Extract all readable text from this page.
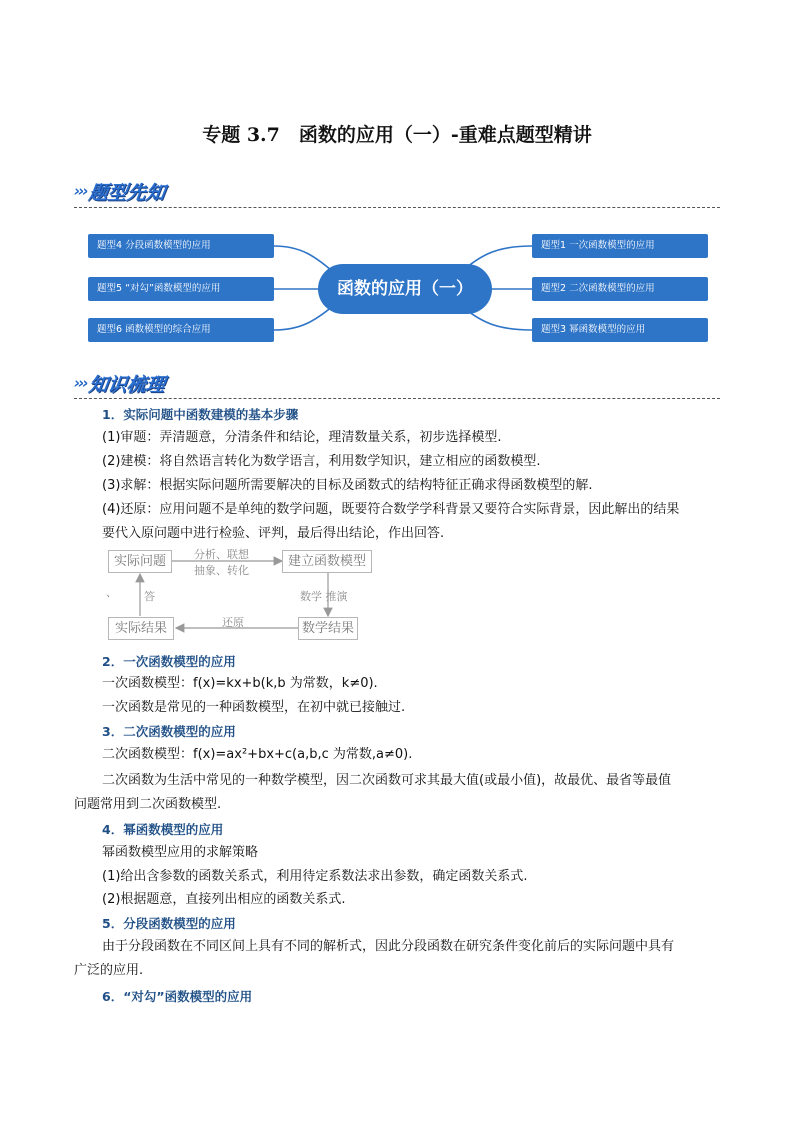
专题 3.7　函数的应用（一）-重难点题型精讲
››› 题型先知
题型4 分段函数模型的应用
题型5 “对勾”函数模型的应用
题型6 函数模型的综合应用
函数的应用（一）
题型1 一次函数模型的应用
题型2 二次函数模型的应用
题型3 幂函数模型的应用
››› 知识梳理
1．实际问题中函数建模的基本步骤
(1)审题：弄清题意，分清条件和结论，理清数量关系，初步选择模型.
(2)建模：将自然语言转化为数学语言，利用数学知识，建立相应的函数模型.
(3)求解：根据实际问题所需要解决的目标及函数式的结构特征正确求得函数模型的解.
(4)还原：应用问题不是单纯的数学问题，既要符合数学学科背景又要符合实际背景，因此解出的结果
要代入原问题中进行检验、评判，最后得出结论，作出回答.
实际问题	建立函数模型
实际结果	数学结果
分析、联想
抽象、转化
数学 推演
还原
答
、
2．一次函数模型的应用
一次函数模型：f(x)=kx+b(k,b 为常数，k≠0).
一次函数是常见的一种函数模型，在初中就已接触过.
3．二次函数模型的应用
二次函数模型：f(x)=ax²+bx+c(a,b,c 为常数,a≠0).
二次函数为生活中常见的一种数学模型，因二次函数可求其最大值(或最小值)，故最优、最省等最值
问题常用到二次函数模型.
4．幂函数模型的应用
幂函数模型应用的求解策略
(1)给出含参数的函数关系式，利用待定系数法求出参数，确定函数关系式.
(2)根据题意，直接列出相应的函数关系式.
5．分段函数模型的应用
由于分段函数在不同区间上具有不同的解析式，因此分段函数在研究条件变化前后的实际问题中具有
广泛的应用.
6．“对勾”函数模型的应用
